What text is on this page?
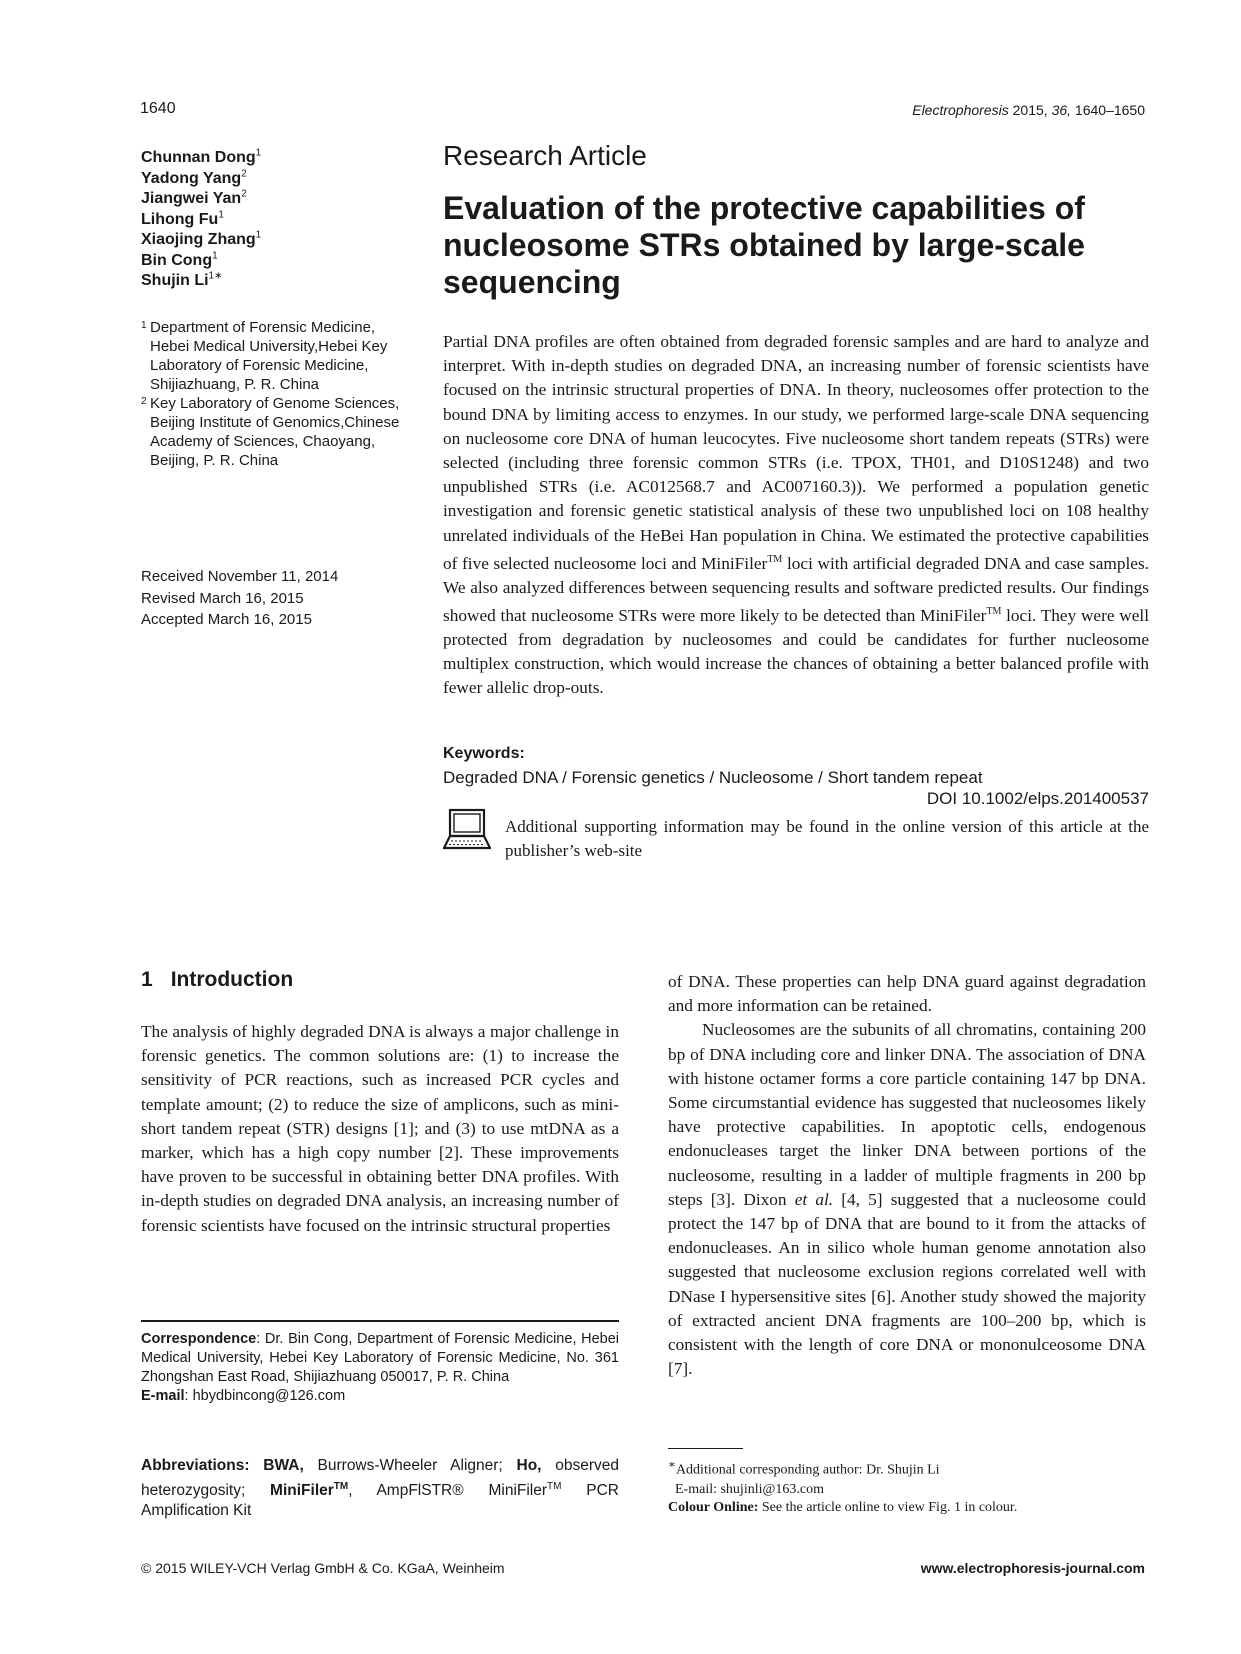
1640	Electrophoresis 2015, 36, 1640–1650
Chunnan Dong$^1$
Yadong Yang$^2$
Jiangwei Yan$^2$
Lihong Fu$^1$
Xiaojing Zhang$^1$
Bin Cong$^1$
Shujin $Li^{1∗}$
1 Department of Forensic Medicine, Hebei Medical University,Hebei Key Laboratory of Forensic Medicine, Shijiazhuang, P. R. China
2 Key Laboratory of Genome Sciences, Beijing Institute of Genomics,Chinese Academy of Sciences, Chaoyang, Beijing, P. R. China
Received November 11, 2014
Revised March 16, 2015
Accepted March 16, 2015
Research Article
Evaluation of the protective capabilities of nucleosome STRs obtained by large-scale sequencing
Partial DNA profiles are often obtained from degraded forensic samples and are hard to analyze and interpret. With in-depth studies on degraded DNA, an increasing number of forensic scientists have focused on the intrinsic structural properties of DNA. In theory, nucleosomes offer protection to the bound DNA by limiting access to enzymes. In our study, we performed large-scale DNA sequencing on nucleosome core DNA of human leucocytes. Five nucleosome short tandem repeats (STRs) were selected (including three forensic common STRs (i.e. TPOX, TH01, and D10S1248) and two unpublished STRs (i.e. AC012568.7 and AC007160.3)). We performed a population genetic investigation and forensic genetic statistical analysis of these two unpublished loci on 108 healthy unrelated individuals of the HeBei Han population in China. We estimated the protective capabilities of five selected nucleosome loci and MiniFiler™ loci with artificial degraded DNA and case samples. We also analyzed differences between sequencing results and software predicted results. Our findings showed that nucleosome STRs were more likely to be detected than MiniFiler™ loci. They were well protected from degradation by nucleosomes and could be candidates for further nucleosome multiplex construction, which would increase the chances of obtaining a better balanced profile with fewer allelic drop-outs.
Keywords:
Degraded DNA / Forensic genetics / Nucleosome / Short tandem repeat
DOI 10.1002/elps.201400537
Additional supporting information may be found in the online version of this article at the publisher’s web-site
1 Introduction
The analysis of highly degraded DNA is always a major challenge in forensic genetics. The common solutions are: (1) to increase the sensitivity of PCR reactions, such as increased PCR cycles and template amount; (2) to reduce the size of amplicons, such as mini-short tandem repeat (STR) designs [1]; and (3) to use mtDNA as a marker, which has a high copy number [2]. These improvements have proven to be successful in obtaining better DNA profiles. With in-depth studies on degraded DNA analysis, an increasing number of forensic scientists have focused on the intrinsic structural properties

of DNA. These properties can help DNA guard against degradation and more information can be retained.

Nucleosomes are the subunits of all chromatins, containing 200 bp of DNA including core and linker DNA. The association of DNA with histone octamer forms a core particle containing 147 bp DNA. Some circumstantial evidence has suggested that nucleosomes likely have protective capabilities. In apoptotic cells, endogenous endonucleases target the linker DNA between portions of the nucleosome, resulting in a ladder of multiple fragments in 200 bp steps [3]. Dixon et al. [4, 5] suggested that a nucleosome could protect the 147 bp of DNA that are bound to it from the attacks of endonucleases. An in silico whole human genome annotation also suggested that nucleosome exclusion regions correlated well with DNase I hypersensitive sites [6]. Another study showed the majority of extracted ancient DNA fragments are 100–200 bp, which is consistent with the length of core DNA or mononulceosome DNA [7].

Correspondence: Dr. Bin Cong, Department of Forensic Medicine, Hebei Medical University, Hebei Key Laboratory of Forensic Medicine, No. 361 Zhongshan East Road, Shijiazhuang 050017, P. R. China
E-mail: hbydbincong@126.com
Abbreviations: BWA, Burrows-Wheeler Aligner; Ho, observed heterozygosity; MiniFiler™, AmpFlSTR® MiniFiler™ PCR Amplification Kit
∗Additional corresponding author: Dr. Shujin Li
E-mail: shujinli@163.com
Colour Online: See the article online to view Fig. 1 in colour.
© 2015 WILEY-VCH Verlag GmbH & Co. KGaA, Weinheim	www.electrophoresis-journal.com
